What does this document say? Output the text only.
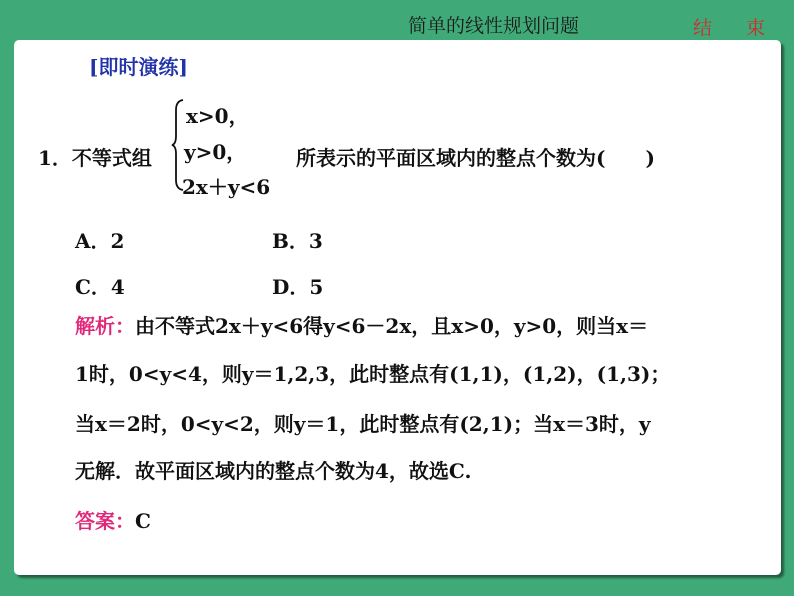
简单的线性规划问题	结 束
[即时演练]
1．不等式组
x>0，
y>0，
2x＋y<6
所表示的平面区域内的整点个数为(　　)
A．2	B．3
C．4	D．5
解析：由不等式2x＋y<6得y<6－2x，且x>0，y>0，则当x＝
1时，0<y<4，则y＝1,2,3，此时整点有(1,1)，(1,2)，(1,3)；
当x＝2时，0<y<2，则y＝1，此时整点有(2,1)；当x＝3时，y
无解．故平面区域内的整点个数为4，故选C.
答案：C
